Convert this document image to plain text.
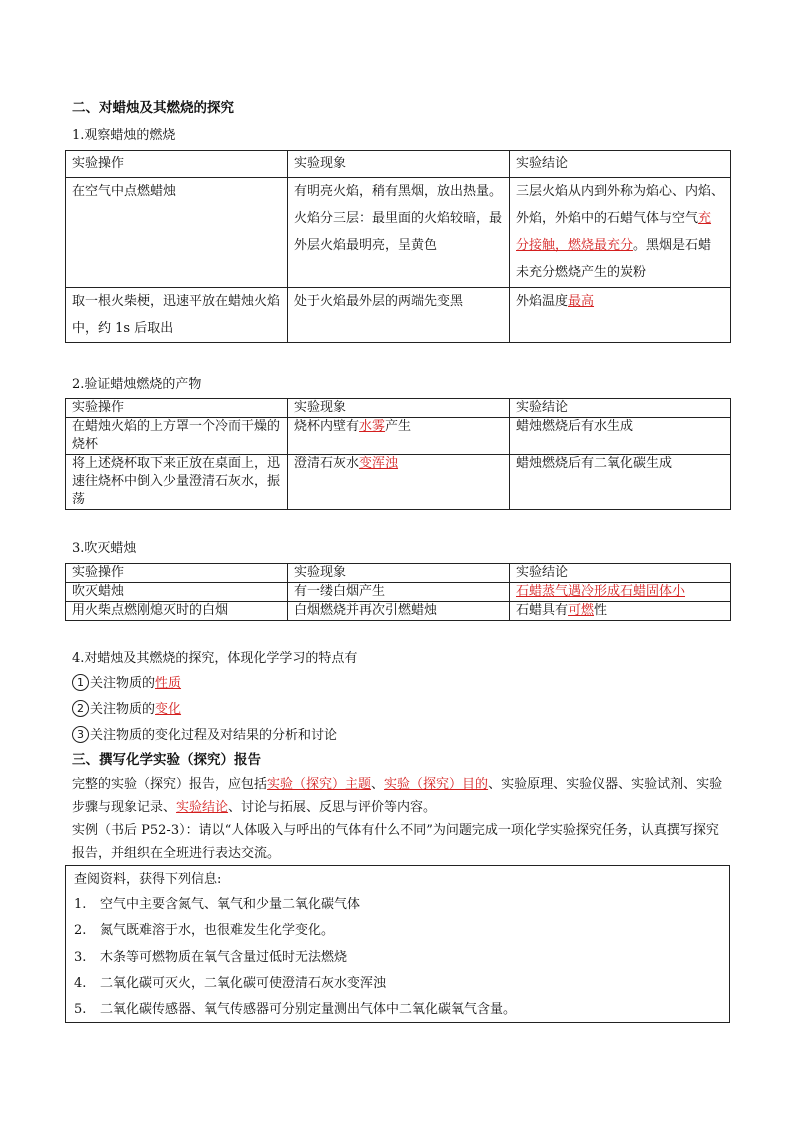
二、对蜡烛及其燃烧的探究
1.观察蜡烛的燃烧
实验操作	实验现象	实验结论
在空气中点燃蜡烛	有明亮火焰，稍有黑烟，放出热量。火焰分三层：最里面的火焰较暗，最外层火焰最明亮，呈黄色	三层火焰从内到外称为焰心、内焰、外焰，外焰中的石蜡气体与空气充分接触，燃烧最充分。黑烟是石蜡未充分燃烧产生的炭粉
取一根火柴梗，迅速平放在蜡烛火焰中，约 1s 后取出	处于火焰最外层的两端先变黑	外焰温度最高
2.验证蜡烛燃烧的产物
实验操作	实验现象	实验结论
在蜡烛火焰的上方罩一个冷而干燥的烧杯	烧杯内壁有水雾产生	蜡烛燃烧后有水生成
将上述烧杯取下来正放在桌面上，迅速往烧杯中倒入少量澄清石灰水，振荡	澄清石灰水变浑浊	蜡烛燃烧后有二氧化碳生成
3.吹灭蜡烛
实验操作	实验现象	实验结论
吹灭蜡烛	有一缕白烟产生	石蜡蒸气遇冷形成石蜡固体小
用火柴点燃刚熄灭时的白烟	白烟燃烧并再次引燃蜡烛	石蜡具有可燃性
4.对蜡烛及其燃烧的探究，体现化学学习的特点有
1 关注物质的性质
2 关注物质的变化
3 关注物质的变化过程及对结果的分析和讨论
三、撰写化学实验（探究）报告
完整的实验（探究）报告，应包括实验（探究）主题、实验（探究）目的、实验原理、实验仪器、实验试剂、实验步骤与现象记录、实验结论、讨论与拓展、反思与评价等内容。
实例（书后 P52-3）：请以“人体吸入与呼出的气体有什么不同”为问题完成一项化学实验探究任务，认真撰写探究报告，并组织在全班进行表达交流。
查阅资料，获得下列信息:
1. 空气中主要含氮气、氧气和少量二氧化碳气体
2. 氮气既难溶于水，也很难发生化学变化。
3. 木条等可燃物质在氧气含量过低时无法燃烧
4. 二氧化碳可灭火，二氧化碳可使澄清石灰水变浑浊
5. 二氧化碳传感器、氧气传感器可分别定量测出气体中二氧化碳氧气含量。
